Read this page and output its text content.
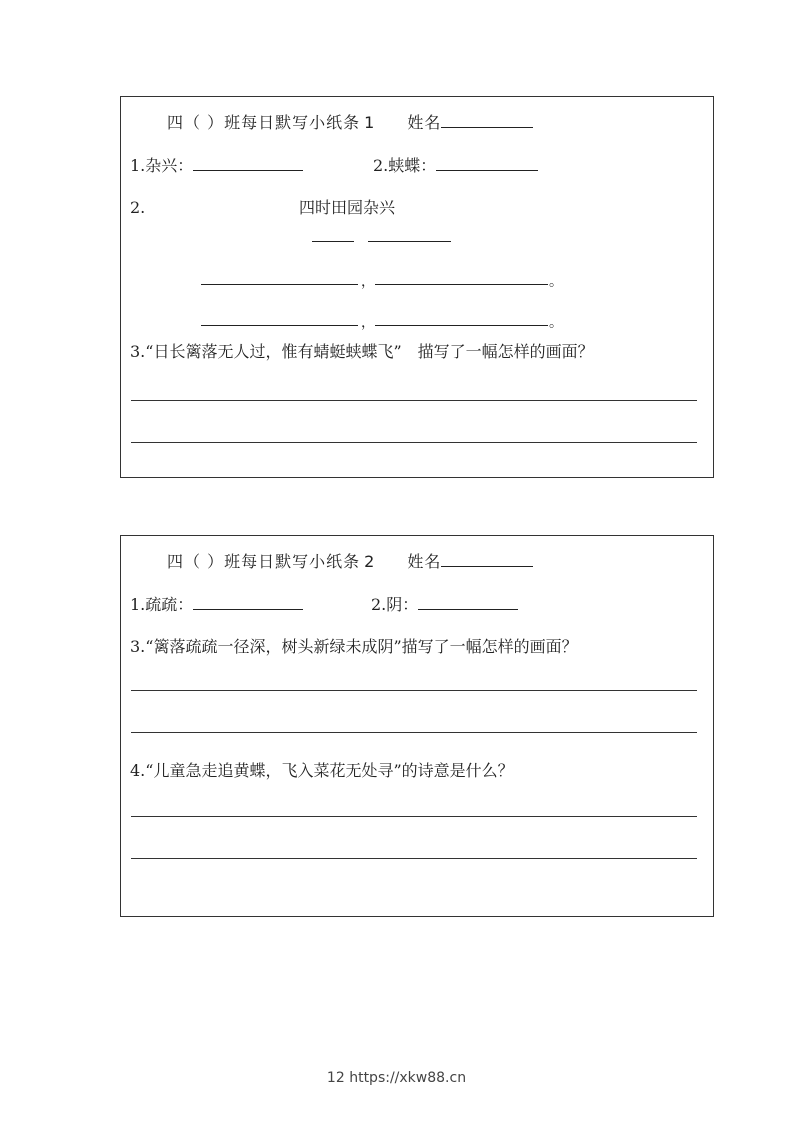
四（ ）班每日默写小纸条 1 姓名
1.杂兴：	2.蛱蝶：
2.	四时田园杂兴
，	。
，	。
3.“日长篱落无人过，惟有蜻蜓蛱蝶飞”　描写了一幅怎样的画面？
四（ ）班每日默写小纸条 2 姓名
1.疏疏：	2.阴：
3.“篱落疏疏一径深，树头新绿未成阴”描写了一幅怎样的画面？
4.“儿童急走追黄蝶，飞入菜花无处寻”的诗意是什么？
12 https://xkw88.cn
